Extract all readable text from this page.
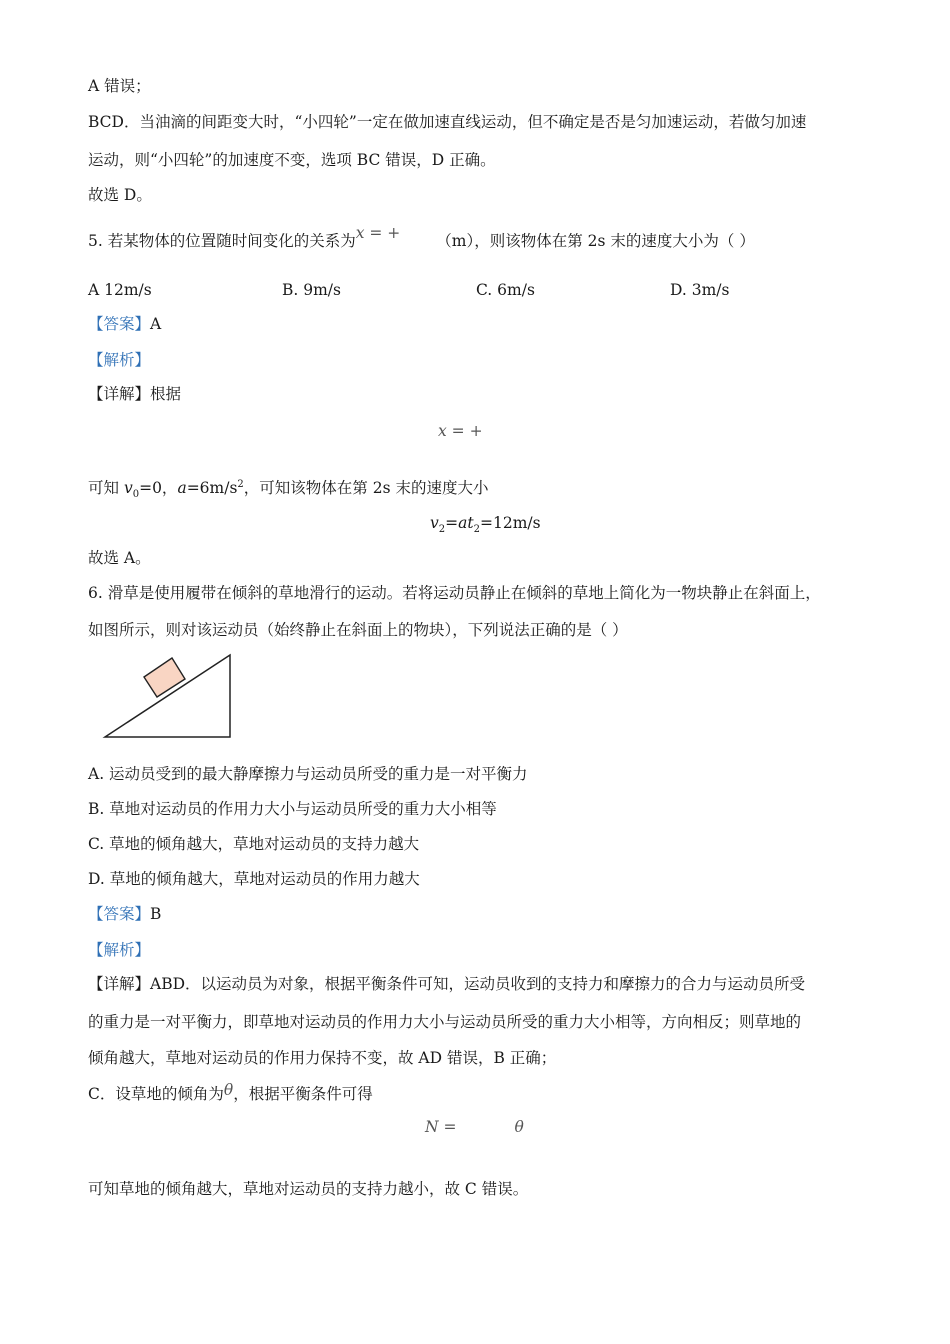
A 错误；
BCD．当油滴的间距变大时，“小四轮”一定在做加速直线运动，但不确定是否是匀加速运动，若做匀加速
运动，则“小四轮”的加速度不变，选项 BC 错误，D 正确。
故选 D。
5. 若某物体的位置随时间变化的关系为x = + （m），则该物体在第 2s 末的速度大小为（ ）
A 12m/s	B. 9m/s	C. 6m/s	D. 3m/s
【答案】A
【解析】
【详解】根据
x = +
可知 $v_0=0$，$a=6m/s^2$，可知该物体在第 2s 末的速度大小
$v_2=at_2=12m/s$
故选 A。
6. 滑草是使用履带在倾斜的草地滑行的运动。若将运动员静止在倾斜的草地上简化为一物块静止在斜面上，
如图所示，则对该运动员（始终静止在斜面上的物块），下列说法正确的是（ ）
A. 运动员受到的最大静摩擦力与运动员所受的重力是一对平衡力
B. 草地对运动员的作用力大小与运动员所受的重力大小相等
C. 草地的倾角越大，草地对运动员的支持力越大
D. 草地的倾角越大，草地对运动员的作用力越大
【答案】B
【解析】
【详解】ABD．以运动员为对象，根据平衡条件可知，运动员收到的支持力和摩擦力的合力与运动员所受
的重力是一对平衡力，即草地对运动员的作用力大小与运动员所受的重力大小相等，方向相反；则草地的
倾角越大，草地对运动员的作用力保持不变，故 AD 错误，B 正确；
C．设草地的倾角为θ，根据平衡条件可得
N =	θ
可知草地的倾角越大，草地对运动员的支持力越小，故 C 错误。
